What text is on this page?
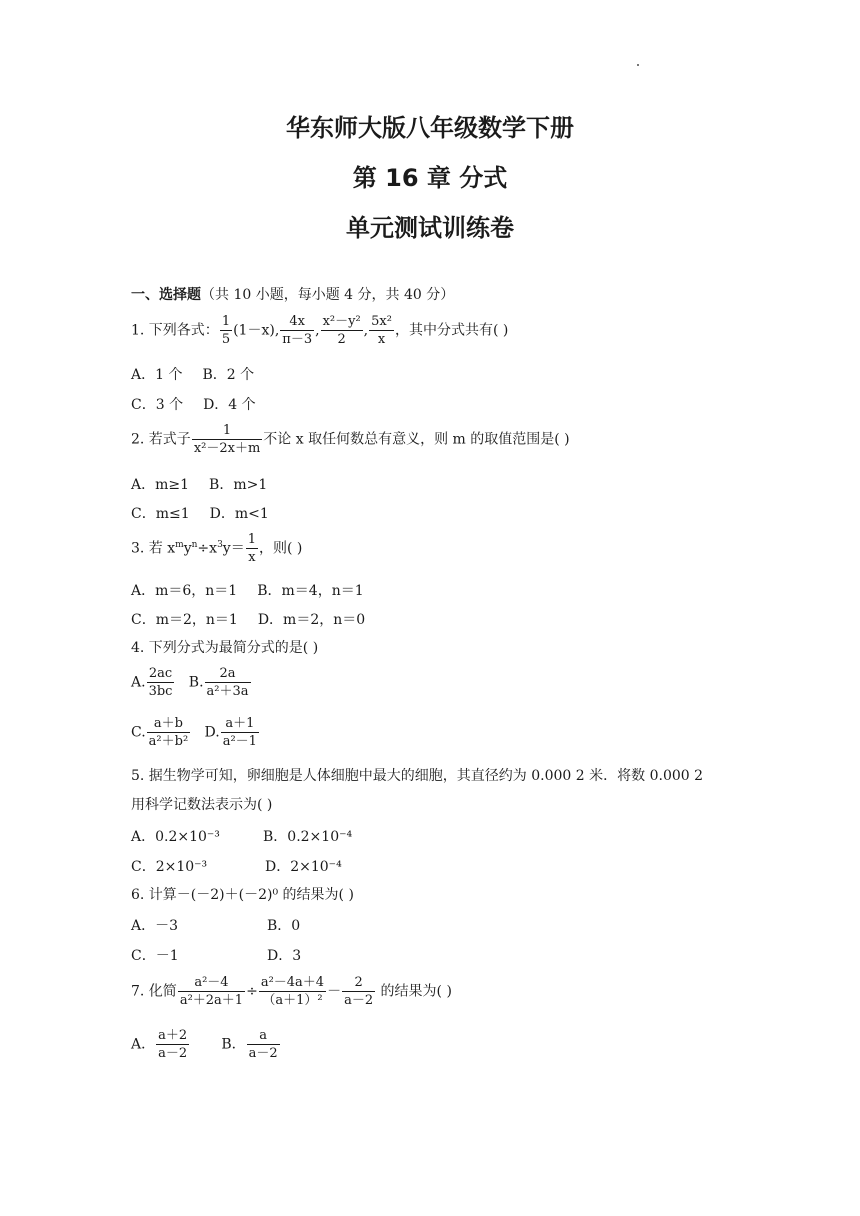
华东师大版八年级数学下册
第 16 章 分式
单元测试训练卷
一、选择题（共 10 小题，每小题 4 分，共 40 分）
1. 下列各式： $\frac{1}{5} (1-x)$, $\frac{4x}{\pi-3}$ , $\frac{\text{x²－y²}}{2}$ , $\frac{\text{5x²}}{x}$ ，其中分式共有( )
A．1 个 B．2 个
C．3 个 D．4 个
2. 若式子 $\frac{1}{\text{x²－2x＋m}}$ 不论 x 取任何数总有意义，则 m 的取值范围是( )
A．m≥1 B．m>1
C．m≤1 D．m<1
3. 若 $x^my^n\div x^3y= \frac{1}{x}$ ，则( )
A．m＝6，n＝1 B．m＝4，n＝1
C．m＝2，n＝1 D．m＝2，n＝0
4. 下列分式为最简分式的是( )
A. $\frac{2ac}{3bc} B$. $\frac{2a}{\text{a²＋3a}}$
C. $\frac{a+b}{\text{a²＋b²}} D$. $\frac{a+1}{\text{a²－1}}$
5. 据生物学可知，卵细胞是人体细胞中最大的细胞，其直径约为 0.000 2 米．将数 0.000 2
用科学记数法表示为( )
A．0.2×10⁻³	B．0.2×10⁻⁴
C．2×10⁻³	D．2×10⁻⁴
6. 计算－(－2)＋(－2)⁰ 的结果为( )
A．－3	B．0
C．－1	D．3
7. 化简 $\frac{\text{a²－4}}{\text{a²＋2a＋1}} \div \frac{\text{a²－4a＋4}}{\text{（a＋1）²}} - \frac{2}{a-2}$ 的结果为( )
A． $\frac{a+2}{a-2}$ B． $\frac{a}{a-2}$
